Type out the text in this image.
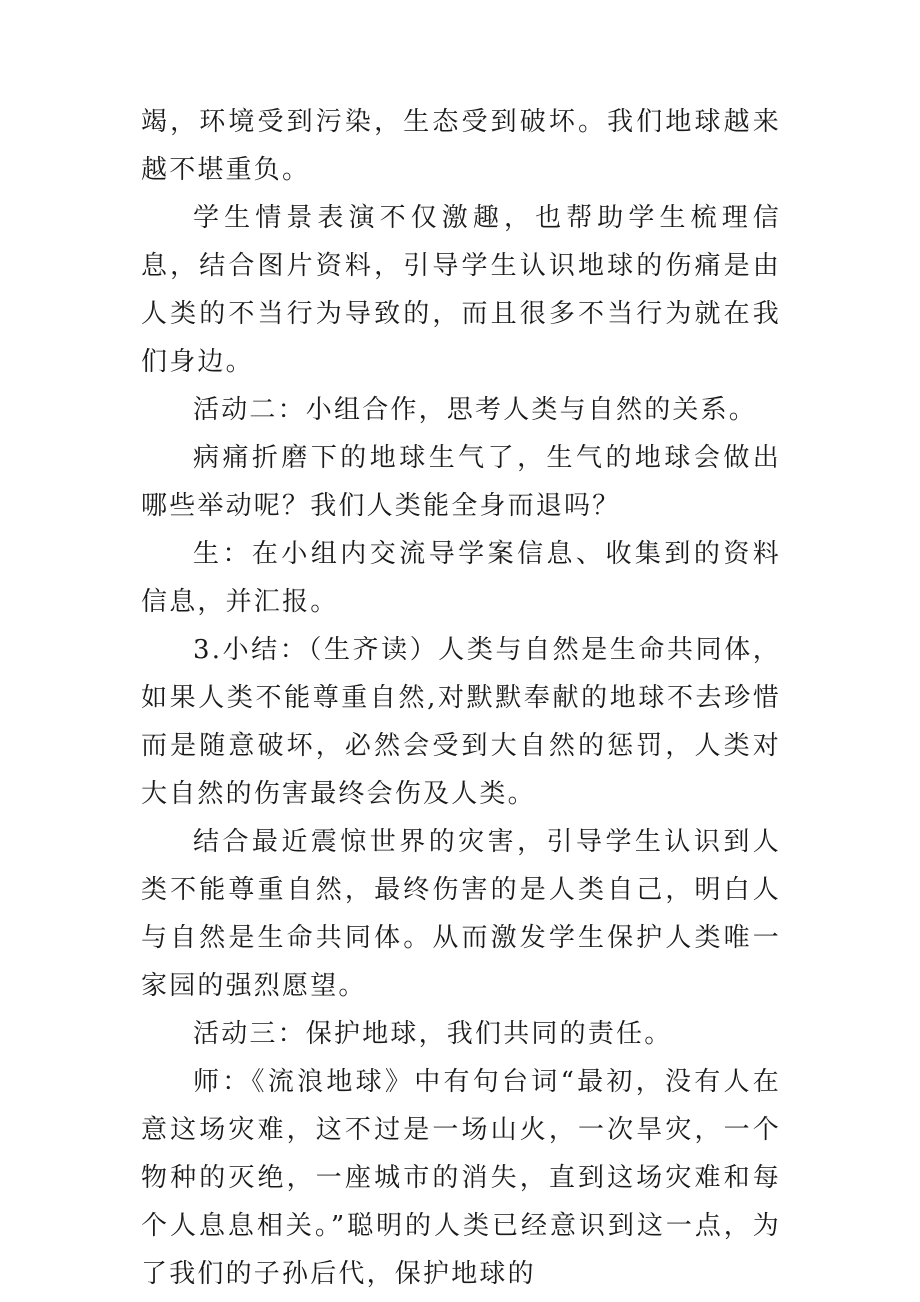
竭，环境受到污染，生态受到破坏。我们地球越来越不堪重负。

学生情景表演不仅激趣，也帮助学生梳理信息，结合图片资料，引导学生认识地球的伤痛是由人类的不当行为导致的，而且很多不当行为就在我们身边。

活动二：小组合作，思考人类与自然的关系。

病痛折磨下的地球生气了，生气的地球会做出哪些举动呢？我们人类能全身而退吗？

生：在小组内交流导学案信息、收集到的资料信息，并汇报。

3.小结：（生齐读）人类与自然是生命共同体，如果人类不能尊重自然,对默默奉献的地球不去珍惜而是随意破坏，必然会受到大自然的惩罚，人类对大自然的伤害最终会伤及人类。

结合最近震惊世界的灾害，引导学生认识到人类不能尊重自然，最终伤害的是人类自己，明白人与自然是生命共同体。从而激发学生保护人类唯一家园的强烈愿望。

活动三：保护地球，我们共同的责任。

师：《流浪地球》中有句台词“最初，没有人在意这场灾难，这不过是一场山火，一次旱灾，一个物种的灭绝，一座城市的消失，直到这场灾难和每个人息息相关。”聪明的人类已经意识到这一点，为了我们的子孙后代，保护地球的
